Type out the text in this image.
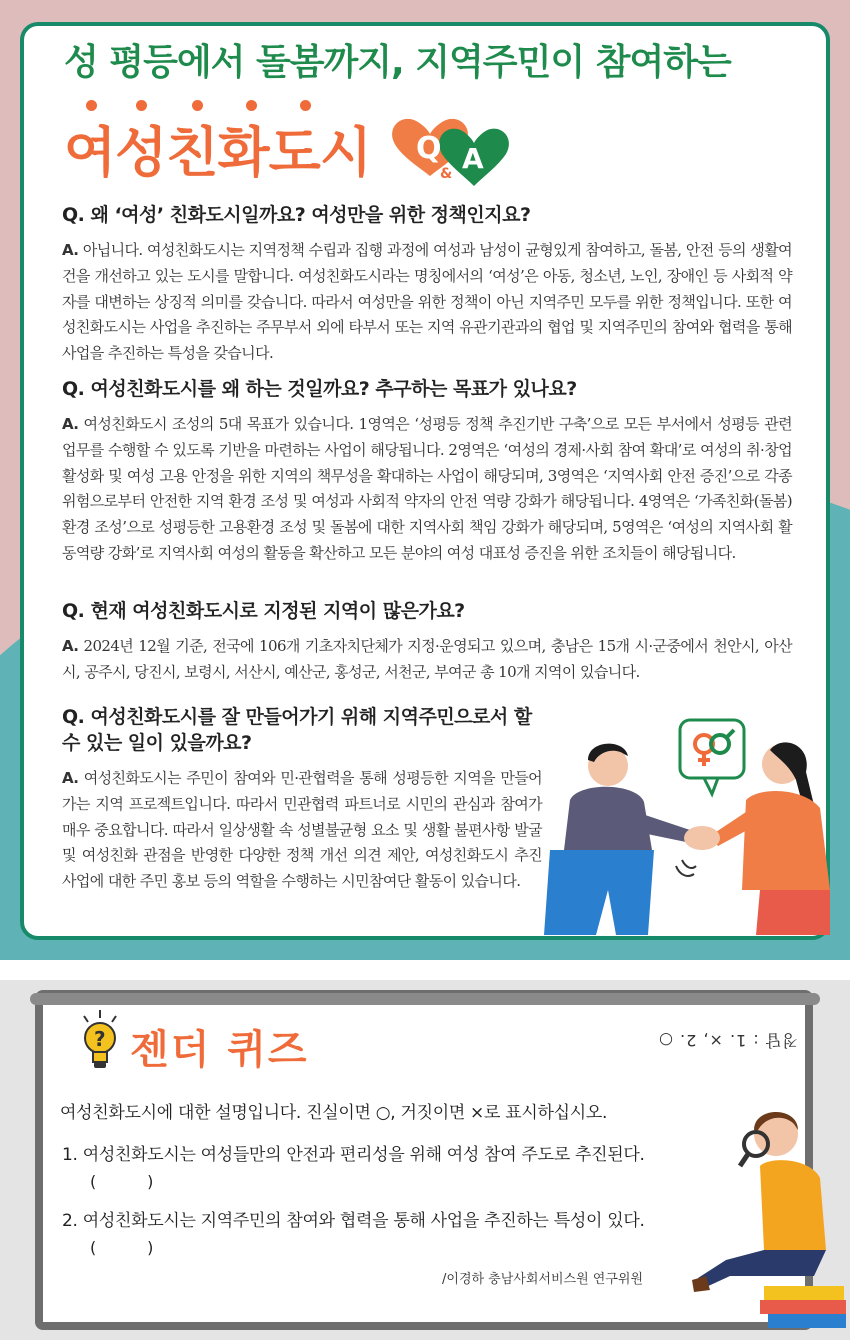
성 평등에서 돌봄까지, 지역주민이 참여하는
여성친화도시 Q
& A
Q. 왜 ‘여성’ 친화도시일까요? 여성만을 위한 정책인지요?
A. 아닙니다. 여성친화도시는 지역정책 수립과 집행 과정에 여성과 남성이 균형있게 참여하고, 돌봄, 안전 등의 생활여건을 개선하고 있는 도시를 말합니다. 여성친화도시라는 명칭에서의 ‘여성’은 아동, 청소년, 노인, 장애인 등 사회적 약자를 대변하는 상징적 의미를 갖습니다. 따라서 여성만을 위한 정책이 아닌 지역주민 모두를 위한 정책입니다. 또한 여성친화도시는 사업을 추진하는 주무부서 외에 타부서 또는 지역 유관기관과의 협업 및 지역주민의 참여와 협력을 통해 사업을 추진하는 특성을 갖습니다.
Q. 여성친화도시를 왜 하는 것일까요? 추구하는 목표가 있나요?
A. 여성친화도시 조성의 5대 목표가 있습니다. 1영역은 ‘성평등 정책 추진기반 구축’으로 모든 부서에서 성평등 관련 업무를 수행할 수 있도록 기반을 마련하는 사업이 해당됩니다. 2영역은 ‘여성의 경제·사회 참여 확대’로 여성의 취·창업 활성화 및 여성 고용 안정을 위한 지역의 책무성을 확대하는 사업이 해당되며, 3영역은 ‘지역사회 안전 증진’으로 각종 위험으로부터 안전한 지역 환경 조성 및 여성과 사회적 약자의 안전 역량 강화가 해당됩니다. 4영역은 ‘가족친화(돌봄)환경 조성’으로 성평등한 고용환경 조성 및 돌봄에 대한 지역사회 책임 강화가 해당되며, 5영역은 ‘여성의 지역사회 활동역량 강화’로 지역사회 여성의 활동을 확산하고 모든 분야의 여성 대표성 증진을 위한 조치들이 해당됩니다.
Q. 현재 여성친화도시로 지정된 지역이 많은가요?
A. 2024년 12월 기준, 전국에 106개 기초자치단체가 지정·운영되고 있으며, 충남은 15개 시·군중에서 천안시, 아산시, 공주시, 당진시, 보령시, 서산시, 예산군, 홍성군, 서천군, 부여군 총 10개 지역이 있습니다.
Q. 여성친화도시를 잘 만들어가기 위해 지역주민으로서 할 수 있는 일이 있을까요?
A. 여성친화도시는 주민이 참여와 민·관협력을 통해 성평등한 지역을 만들어가는 지역 프로젝트입니다. 따라서 민관협력 파트너로 시민의 관심과 참여가 매우 중요합니다. 따라서 일상생활 속 성별불균형 요소 및 생활 불편사항 발굴 및 여성친화 관점을 반영한 다양한 정책 개선 의견 제안, 여성친화도시 추진 사업에 대한 주민 홍보 등의 역할을 수행하는 시민참여단 활동이 있습니다.
? 젠더 퀴즈	정답 : 1. ×, 2. ○
여성친화도시에 대한 설명입니다. 진실이면 ○, 거짓이면 ×로 표시하십시오.
1. 여성친화도시는 여성들만의 안전과 편리성을 위해 여성 참여 주도로 추진된다.
(          )
2. 여성친화도시는 지역주민의 참여와 협력을 통해 사업을 추진하는 특성이 있다.
(          )
/이경하 충남사회서비스원 연구위원
